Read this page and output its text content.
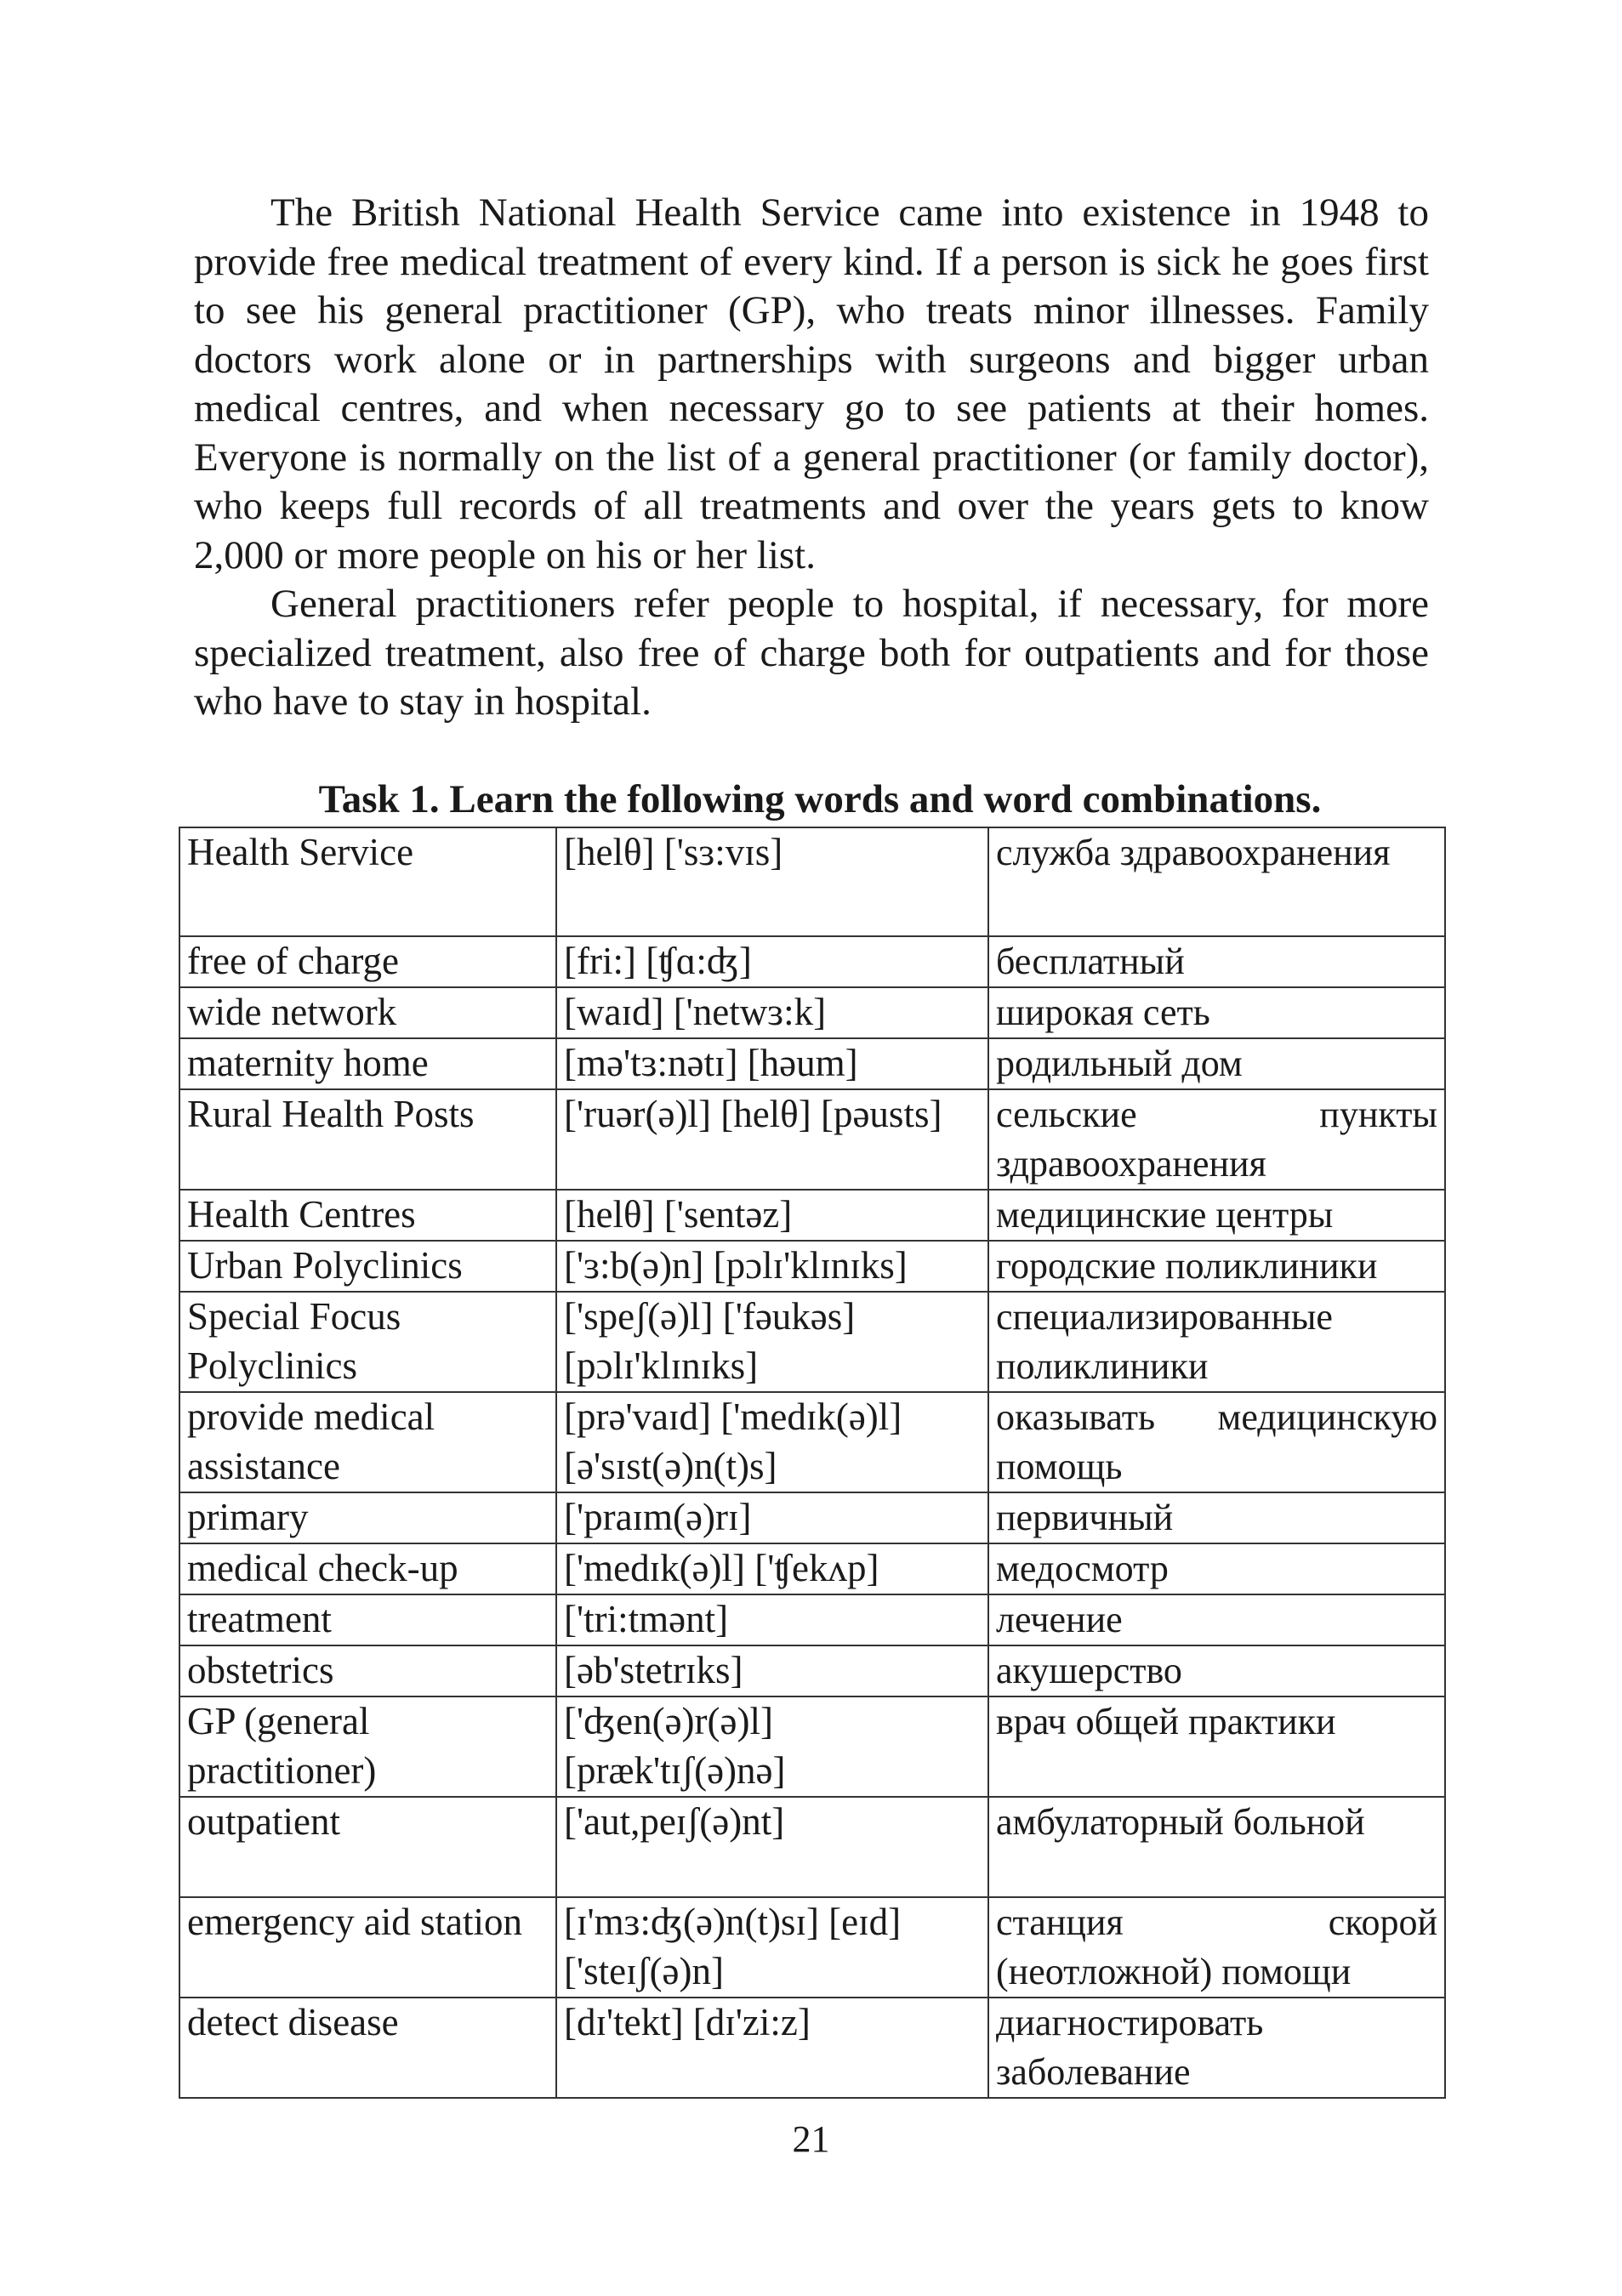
The British National Health Service came into existence in 1948 to provide free medical treatment of every kind. If a person is sick he goes first to see his general practitioner (GP), who treats minor illnesses. Family doctors work alone or in partnerships with surgeons and bigger urban medical centres, and when necessary go to see patients at their homes. Everyone is normally on the list of a general practitioner (or family doctor), who keeps full records of all treatments and over the years gets to know 2,000 or more people on his or her list.

General practitioners refer people to hospital, if necessary, for more specialized treatment, also free of charge both for outpatients and for those who have to stay in hospital.

Task 1. Learn the following words and word combinations.
Health Service	[helθ] ['sɜ:vɪs]	служба здравоохранения
free of charge	[fri:] [ʧɑ:ʤ]	бесплатный
wide network	[waɪd] ['netwɜ:k]	широкая сеть
maternity home	[mə'tɜ:nətɪ] [həum]	родильный дом
Rural Health Posts	['ruər(ə)l] [helθ] [pəusts]	сельские пункты здравоохранения
Health Centres	[helθ] ['sentəz]	медицинские центры
Urban Polyclinics	['ɜ:b(ə)n] [pɔlɪ'klɪnɪks]	городские поликлиники
Special Focus Polyclinics	['speʃ(ə)l] ['fəukəs] [pɔlɪ'klɪnɪks]	специализированные поликлиники
provide medical assistance	[prə'vaɪd] ['medɪk(ə)l] [ə'sɪst(ə)n(t)s]	оказывать медицинскую помощь
primary	['praɪm(ə)rɪ]	первичный
medical check-up	['medɪk(ə)l] ['ʧekʌp]	медосмотр
treatment	['tri:tmənt]	лечение
obstetrics	[əb'stetrɪks]	акушерство
GP (general practitioner)	['ʤen(ə)r(ə)l] [præk'tɪʃ(ə)nə]	врач общей практики
outpatient	['aut,peɪʃ(ə)nt]	амбулаторный больной
emergency aid station	[ɪ'mɜ:ʤ(ə)n(t)sɪ] [eɪd] ['steɪʃ(ə)n]	станция скорой (неотложной) помощи
detect disease	[dɪ'tekt] [dɪ'zi:z]	диагностировать заболевание
21
